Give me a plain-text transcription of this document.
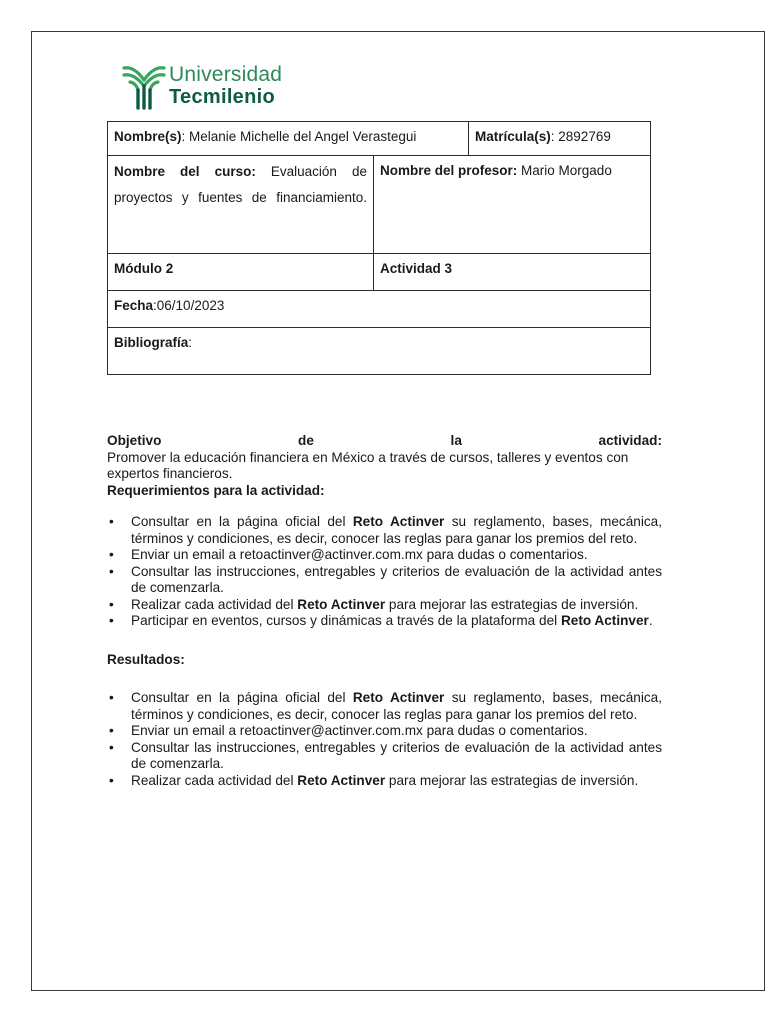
Universidad
Tecmilenio
Nombre(s): Melanie Michelle del Angel Verastegui		Matrícula(s): 2892769
Nombre del curso: Evaluación de proyectos y fuentes de financiamiento.	Nombre del profesor: Mario Morgado	
Módulo 2	Actividad 3	
Fecha:06/10/2023		
Bibliografía:		
Objetivo	de	la	actividad:

Promover la educación financiera en México a través de cursos, talleres y eventos con expertos financieros.

Requerimientos para la actividad:

• Consultar en la página oficial del Reto Actinver su reglamento, bases, mecánica, términos y condiciones, es decir, conocer las reglas para ganar los premios del reto.
• Enviar un email a retoactinver@actinver.com.mx para dudas o comentarios.
• Consultar las instrucciones, entregables y criterios de evaluación de la actividad antes de comenzarla.
• Realizar cada actividad del Reto Actinver para mejorar las estrategias de inversión.
• Participar en eventos, cursos y dinámicas a través de la plataforma del Reto Actinver.

Resultados:

• Consultar en la página oficial del Reto Actinver su reglamento, bases, mecánica, términos y condiciones, es decir, conocer las reglas para ganar los premios del reto.
• Enviar un email a retoactinver@actinver.com.mx para dudas o comentarios.
• Consultar las instrucciones, entregables y criterios de evaluación de la actividad antes de comenzarla.
• Realizar cada actividad del Reto Actinver para mejorar las estrategias de inversión.
